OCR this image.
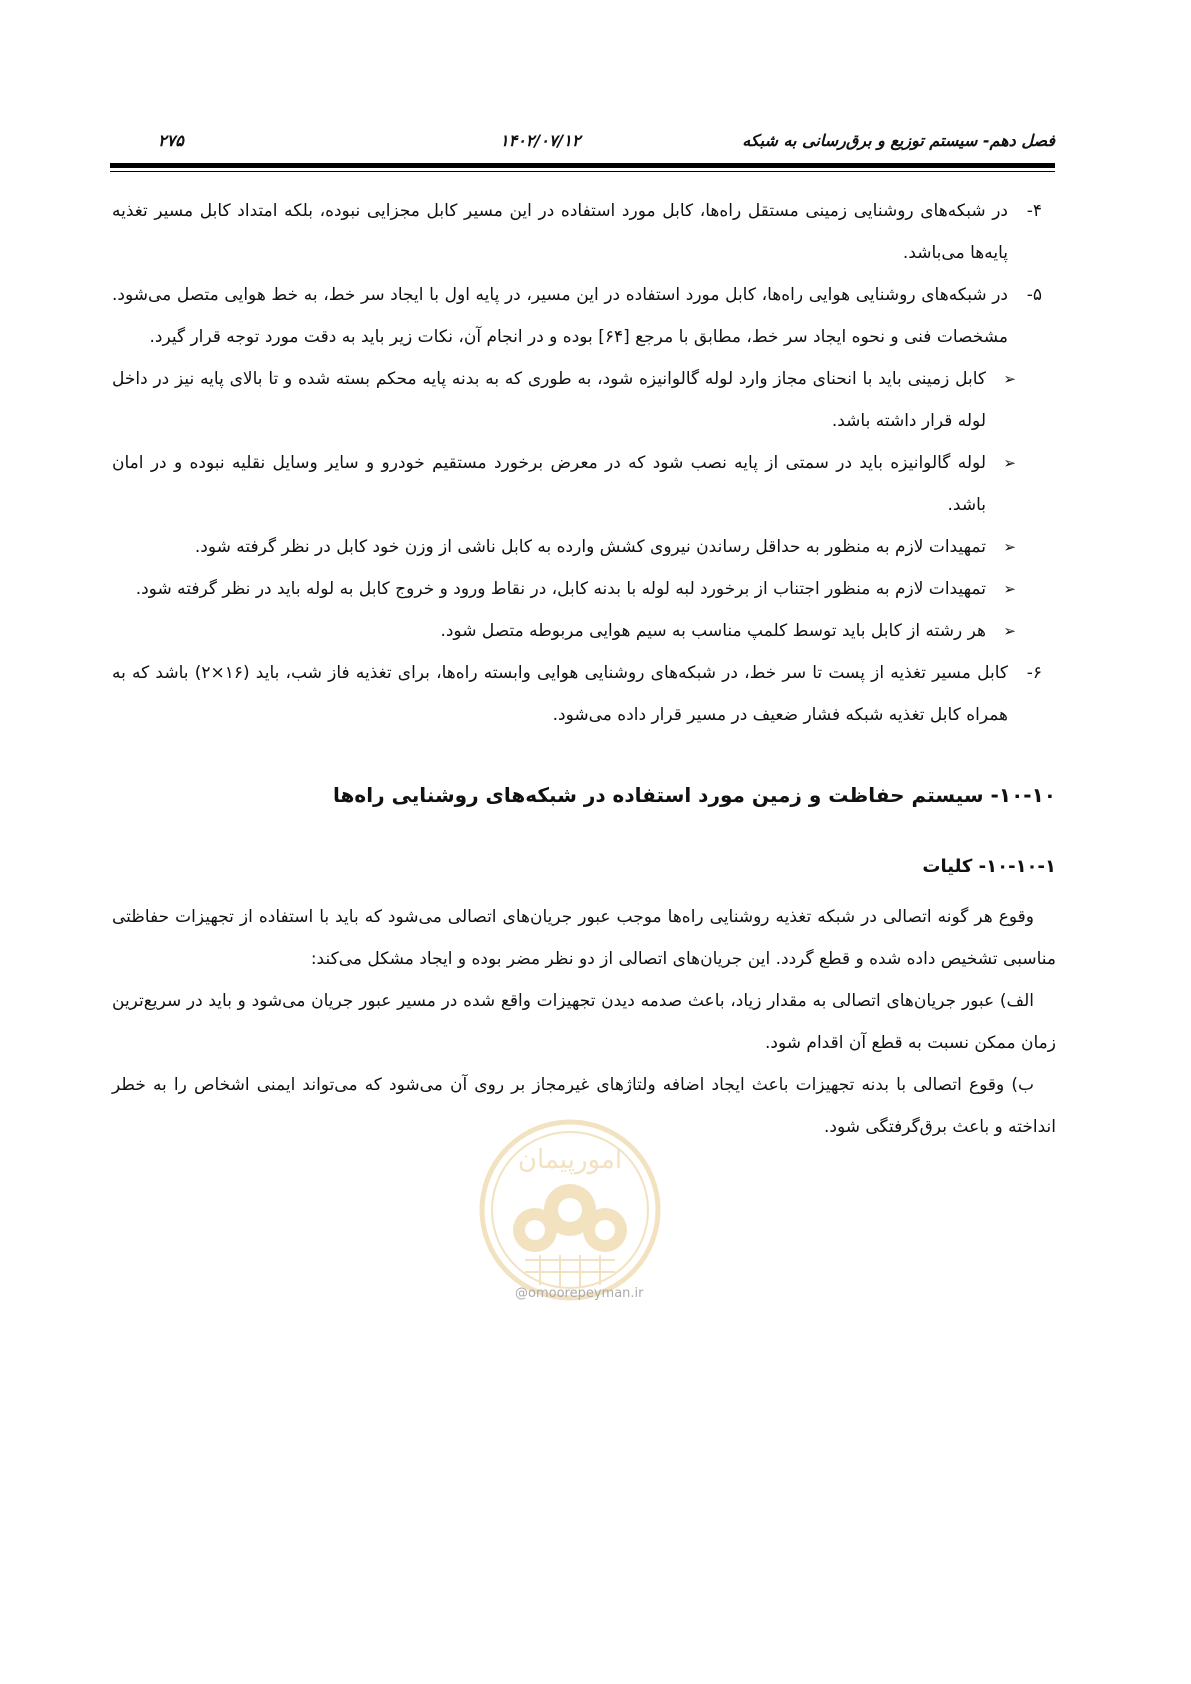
فصل دهم- سیستم توزیع و برق‌رسانی به شبکه
۱۴۰۲/۰۷/۱۲
۲۷۵
۴-
در شبکه‌های روشنایی زمینی مستقل راه‌ها، کابل مورد استفاده در این مسیر کابل مجزایی نبوده، بلکه امتداد کابل مسیر تغذیه پایه‌ها می‌باشد.
۵-
در شبکه‌های روشنایی هوایی راه‌ها، کابل مورد استفاده در این مسیر، در پایه اول با ایجاد سر خط، به خط هوایی متصل می‌شود. مشخصات فنی و نحوه ایجاد سر خط، مطابق با مرجع [۶۴] بوده و در انجام آن، نکات زیر باید به دقت مورد توجه قرار گیرد.
➢
کابل زمینی باید با انحنای مجاز وارد لوله گالوانیزه شود، به طوری که به بدنه پایه محکم بسته شده و تا بالای پایه نیز در داخل لوله قرار داشته باشد.
➢
لوله گالوانیزه باید در سمتی از پایه نصب شود که در معرض برخورد مستقیم خودرو و سایر وسایل نقلیه نبوده و در امان باشد.
➢
تمهیدات لازم به منظور به حداقل رساندن نیروی کشش وارده به کابل ناشی از وزن خود کابل در نظر گرفته شود.
➢
تمهیدات لازم به منظور اجتناب از برخورد لبه لوله با بدنه کابل، در نقاط ورود و خروج کابل به لوله باید در نظر گرفته شود.
➢
هر رشته از کابل باید توسط کلمپ مناسب به سیم هوایی مربوطه متصل شود.
۶-
کابل مسیر تغذیه از پست تا سر خط، در شبکه‌های روشنایی هوایی وابسته راه‌ها، برای تغذیه فاز شب، باید (۱۶×۲) باشد که به همراه کابل تغذیه شبکه فشار ضعیف در مسیر قرار داده می‌شود.
۱۰-۱۰- سیستم حفاظت و زمین مورد استفاده در شبکه‌های روشنایی راه‌ها
۱۰-۱۰-۱- کلیات

وقوع هر گونه اتصالی در شبکه تغذیه روشنایی راه‌ها موجب عبور جریان‌های اتصالی می‌شود که باید با استفاده از تجهیزات حفاظتی مناسبی تشخیص داده شده و قطع گردد. این جریان‌های اتصالی از دو نظر مضر بوده و ایجاد مشکل می‌کند:

الف) عبور جریان‌های اتصالی به مقدار زیاد، باعث صدمه دیدن تجهیزات واقع شده در مسیر عبور جریان می‌شود و باید در سریع‌ترین زمان ممکن نسبت به قطع آن اقدام شود.

ب) وقوع اتصالی با بدنه تجهیزات باعث ایجاد اضافه ولتاژهای غیرمجاز بر روی آن می‌شود که می‌تواند ایمنی اشخاص را به خطر انداخته و باعث برق‌گرفتگی شود.

امورپیمان
@omoorepeyman.ir
